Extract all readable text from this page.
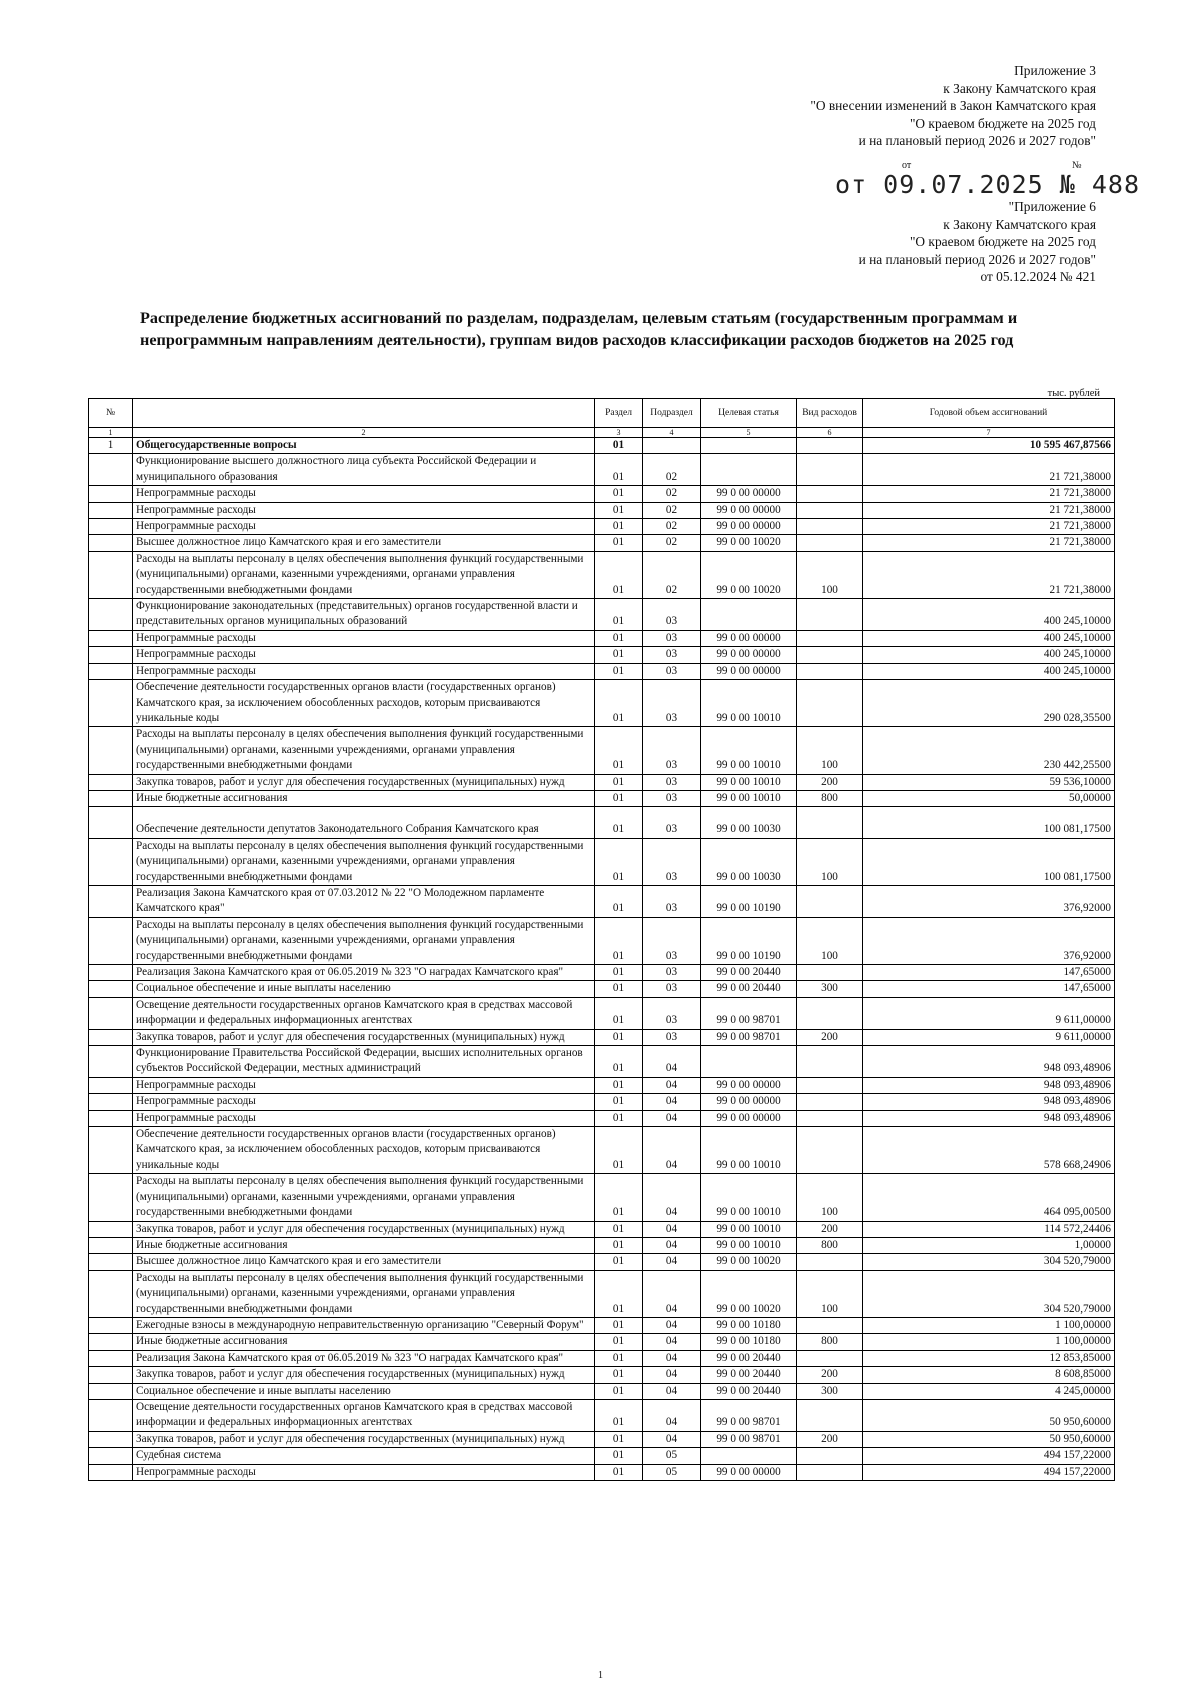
Приложение 3
к Закону Камчатского края
"О внесении изменений в Закон Камчатского края
"О краевом бюджете на 2025 год
и на плановый период 2026 и 2027 годов"
от	№
от 09.07.2025 № 488
"Приложение 6
к Закону Камчатского края
"О краевом бюджете на 2025 год
и на плановый период 2026 и 2027 годов"
от 05.12.2024 № 421
Распределение бюджетных ассигнований по разделам, подразделам, целевым статьям (государственным программам и непрограммным направлениям деятельности), группам видов расходов классификации расходов бюджетов на 2025 год
тыс. рублей
№		Раздел	Подраздел	Целевая статья	Вид расходов	Годовой объем ассигнований
1	2	3	4	5	6	7
1	Общегосударственные вопросы	01				10 595 467,87566
	Функционирование высшего должностного лица субъекта Российской Федерации и муниципального образования	01	02			21 721,38000
	Непрограммные расходы	01	02	99 0 00 00000		21 721,38000
	Непрограммные расходы	01	02	99 0 00 00000		21 721,38000
	Непрограммные расходы	01	02	99 0 00 00000		21 721,38000
	Высшее должностное лицо Камчатского края и его заместители	01	02	99 0 00 10020		21 721,38000
	Расходы на выплаты персоналу в целях обеспечения выполнения функций государственными (муниципальными) органами, казенными учреждениями, органами управления государственными внебюджетными фондами	01	02	99 0 00 10020	100	21 721,38000
	Функционирование законодательных (представительных) органов государственной власти и представительных органов муниципальных образований	01	03			400 245,10000
	Непрограммные расходы	01	03	99 0 00 00000		400 245,10000
	Непрограммные расходы	01	03	99 0 00 00000		400 245,10000
	Непрограммные расходы	01	03	99 0 00 00000		400 245,10000
	Обеспечение деятельности государственных органов власти (государственных органов) Камчатского края, за исключением обособленных расходов, которым присваиваются уникальные коды	01	03	99 0 00 10010		290 028,35500
	Расходы на выплаты персоналу в целях обеспечения выполнения функций государственными (муниципальными) органами, казенными учреждениями, органами управления государственными внебюджетными фондами	01	03	99 0 00 10010	100	230 442,25500
	Закупка товаров, работ и услуг для обеспечения государственных (муниципальных) нужд	01	03	99 0 00 10010	200	59 536,10000
	Иные бюджетные ассигнования	01	03	99 0 00 10010	800	50,00000
	Обеспечение деятельности депутатов Законодательного Собрания Камчатского края	01	03	99 0 00 10030		100 081,17500
	Расходы на выплаты персоналу в целях обеспечения выполнения функций государственными (муниципальными) органами, казенными учреждениями, органами управления государственными внебюджетными фондами	01	03	99 0 00 10030	100	100 081,17500
	Реализация Закона Камчатского края от 07.03.2012 № 22 "О Молодежном парламенте Камчатского края"	01	03	99 0 00 10190		376,92000
	Расходы на выплаты персоналу в целях обеспечения выполнения функций государственными (муниципальными) органами, казенными учреждениями, органами управления государственными внебюджетными фондами	01	03	99 0 00 10190	100	376,92000
	Реализация Закона Камчатского края от 06.05.2019 № 323 "О наградах Камчатского края"	01	03	99 0 00 20440		147,65000
	Социальное обеспечение и иные выплаты населению	01	03	99 0 00 20440	300	147,65000
	Освещение деятельности государственных органов Камчатского края в средствах массовой информации и федеральных информационных агентствах	01	03	99 0 00 98701		9 611,00000
	Закупка товаров, работ и услуг для обеспечения государственных (муниципальных) нужд	01	03	99 0 00 98701	200	9 611,00000
	Функционирование Правительства Российской Федерации, высших исполнительных органов субъектов Российской Федерации, местных администраций	01	04			948 093,48906
	Непрограммные расходы	01	04	99 0 00 00000		948 093,48906
	Непрограммные расходы	01	04	99 0 00 00000		948 093,48906
	Непрограммные расходы	01	04	99 0 00 00000		948 093,48906
	Обеспечение деятельности государственных органов власти (государственных органов) Камчатского края, за исключением обособленных расходов, которым присваиваются уникальные коды	01	04	99 0 00 10010		578 668,24906
	Расходы на выплаты персоналу в целях обеспечения выполнения функций государственными (муниципальными) органами, казенными учреждениями, органами управления государственными внебюджетными фондами	01	04	99 0 00 10010	100	464 095,00500
	Закупка товаров, работ и услуг для обеспечения государственных (муниципальных) нужд	01	04	99 0 00 10010	200	114 572,24406
	Иные бюджетные ассигнования	01	04	99 0 00 10010	800	1,00000
	Высшее должностное лицо Камчатского края и его заместители	01	04	99 0 00 10020		304 520,79000
	Расходы на выплаты персоналу в целях обеспечения выполнения функций государственными (муниципальными) органами, казенными учреждениями, органами управления государственными внебюджетными фондами	01	04	99 0 00 10020	100	304 520,79000
	Ежегодные взносы в международную неправительственную организацию "Северный Форум"	01	04	99 0 00 10180		1 100,00000
	Иные бюджетные ассигнования	01	04	99 0 00 10180	800	1 100,00000
	Реализация Закона Камчатского края от 06.05.2019 № 323 "О наградах Камчатского края"	01	04	99 0 00 20440		12 853,85000
	Закупка товаров, работ и услуг для обеспечения государственных (муниципальных) нужд	01	04	99 0 00 20440	200	8 608,85000
	Социальное обеспечение и иные выплаты населению	01	04	99 0 00 20440	300	4 245,00000
	Освещение деятельности государственных органов Камчатского края в средствах массовой информации и федеральных информационных агентствах	01	04	99 0 00 98701		50 950,60000
	Закупка товаров, работ и услуг для обеспечения государственных (муниципальных) нужд	01	04	99 0 00 98701	200	50 950,60000
	Судебная система	01	05			494 157,22000
	Непрограммные расходы	01	05	99 0 00 00000		494 157,22000
1
